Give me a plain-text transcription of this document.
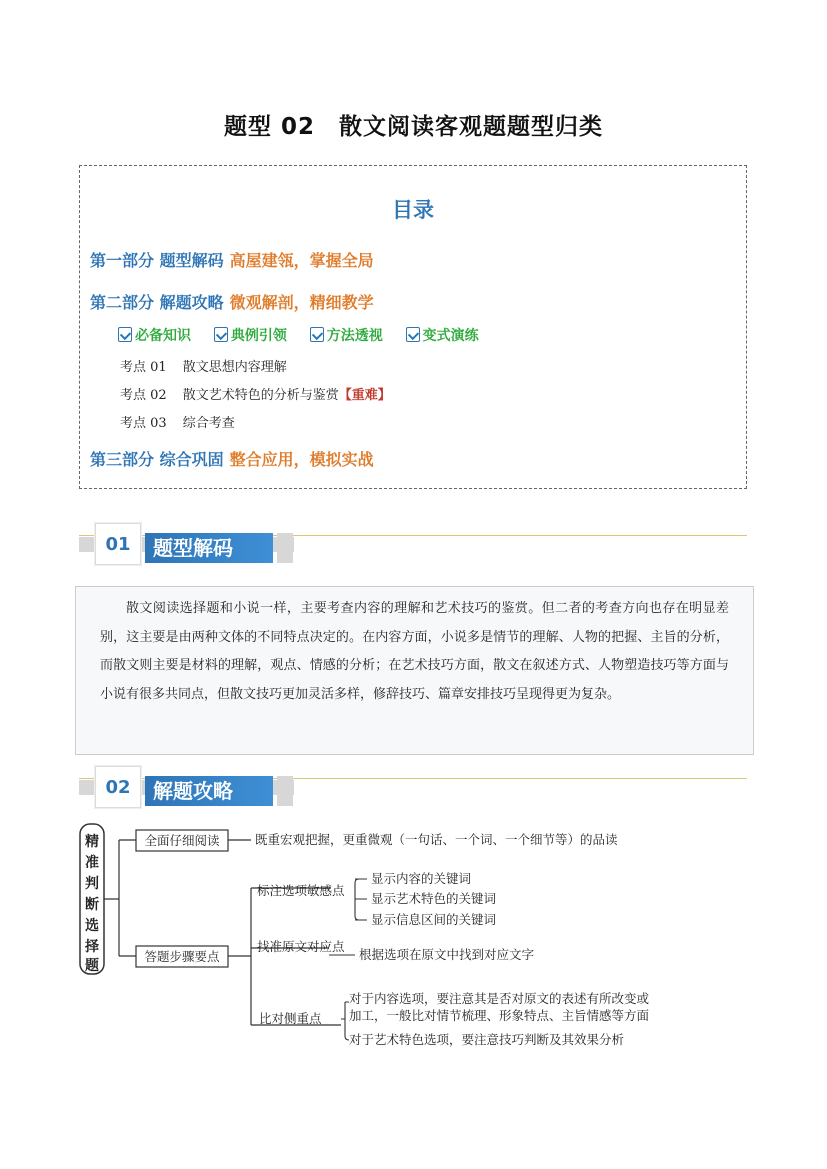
题型 02　散文阅读客观题题型归类
目录
第一部分 题型解码 高屋建瓴，掌握全局
第二部分 解题攻略 微观解剖，精细教学
必备知识	典例引领	方法透视	变式演练
考点 01 散文思想内容理解
考点 02 散文艺术特色的分析与鉴赏【重难】
考点 03 综合考查
第三部分 综合巩固 整合应用，模拟实战
01	题型解码

散文阅读选择题和小说一样，主要考查内容的理解和艺术技巧的鉴赏。但二者的考查方向也存在明显差别，这主要是由两种文体的不同特点决定的。在内容方面，小说多是情节的理解、人物的把握、主旨的分析，而散文则主要是材料的理解，观点、情感的分析；在艺术技巧方面，散文在叙述方式、人物塑造技巧等方面与小说有很多共同点，但散文技巧更加灵活多样，修辞技巧、篇章安排技巧呈现得更为复杂。

02	解题攻略
精
准
判
断
选
择
题
全面仔细阅读	既重宏观把握，更重微观（一句话、一个词、一个细节等）的品读
答题步骤要点
标注选项敏感点
显示内容的关键词
显示艺术特色的关键词
显示信息区间的关键词
找准原文对应点
根据选项在原文中找到对应文字
比对侧重点
对于内容选项，要注意其是否对原文的表述有所改变或
加工，一般比对情节梳理、形象特点、主旨情感等方面
对于艺术特色选项，要注意技巧判断及其效果分析
